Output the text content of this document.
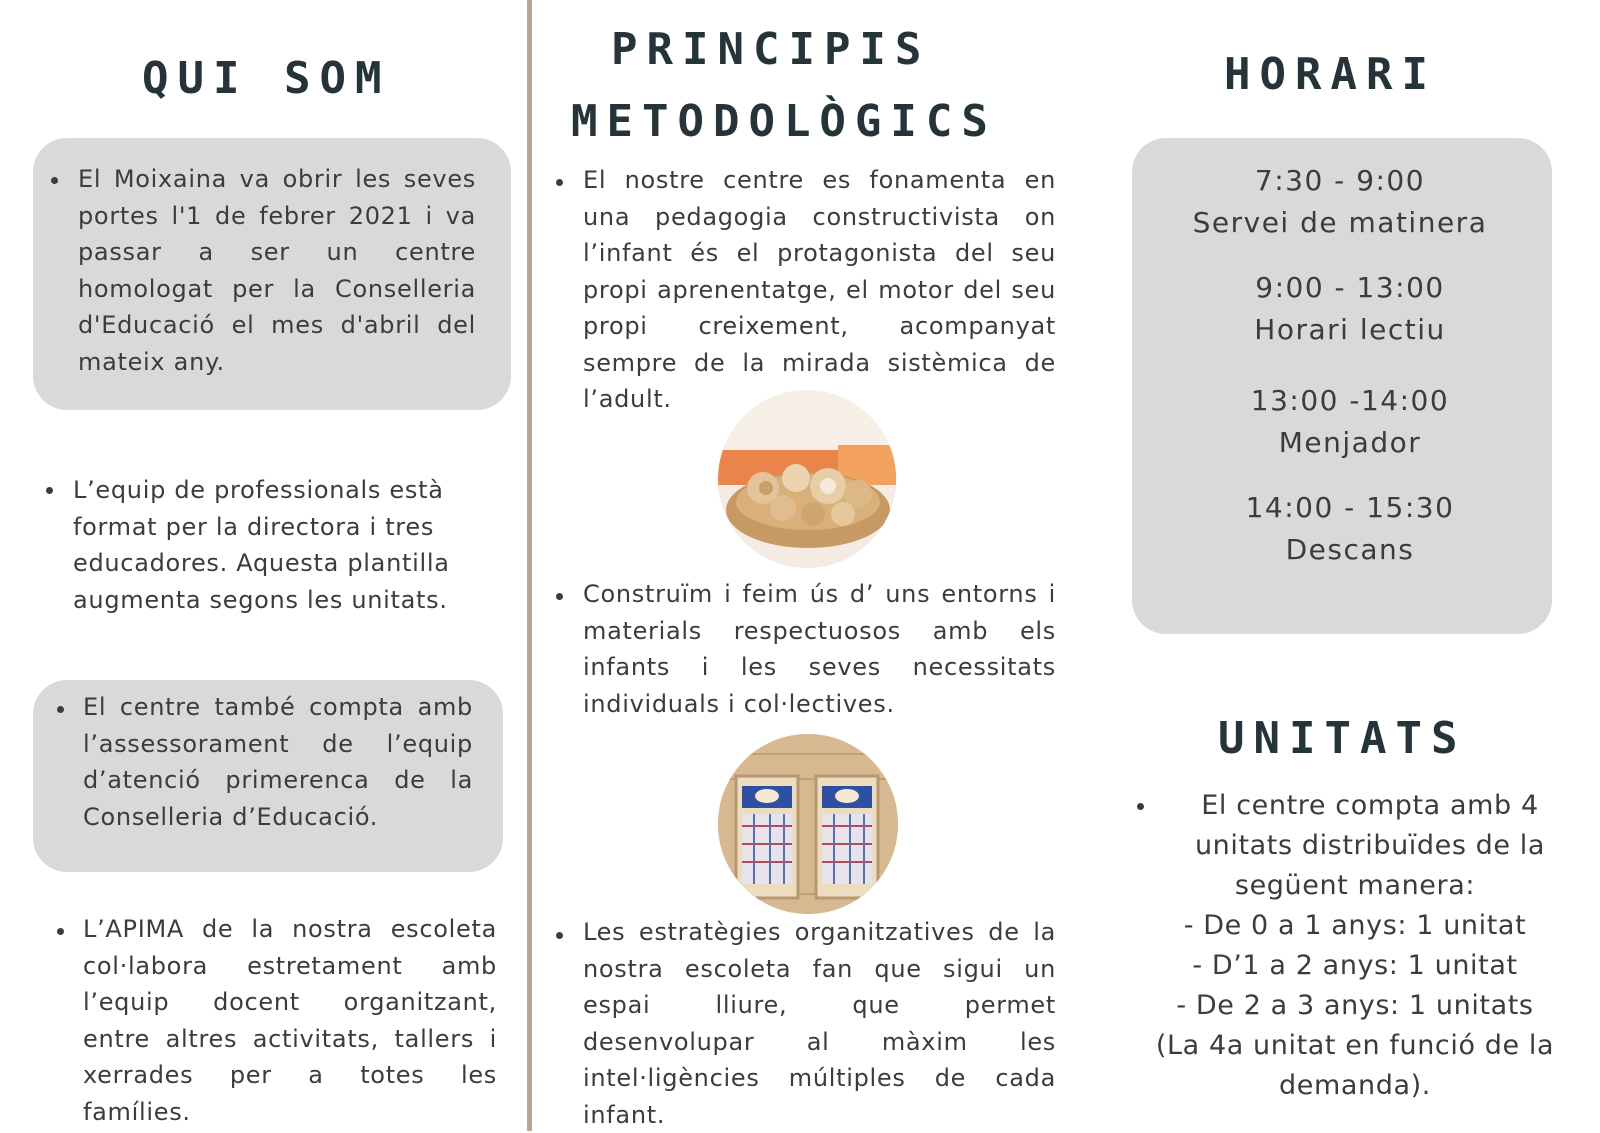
QUI SOM

El Moixaina va obrir les seves portes l'1 de febrer 2021 i va passar a ser un centre homologat per la Conselleria d'Educació el mes d'abril del mateix any.

L’equip de professionals està format per la directora i tres educadores. Aquesta plantilla augmenta segons les unitats.

El centre també compta amb l’assessorament de l’equip d’atenció primerenca de la Conselleria d’Educació.

L’APIMA de la nostra escoleta col·labora estretament amb l’equip docent organitzant, entre altres activitats, tallers i xerrades per a totes les famílies.

PRINCIPIS
METODOLÒGICS

El nostre centre es fonamenta en una pedagogia constructivista on l’infant és el protagonista del seu propi aprenentatge, el motor del seu propi creixement, acompanyat sempre de la mirada sistèmica de l’adult.

Construïm i feim ús d’ uns entorns i materials respectuosos amb els infants i les seves necessitats individuals i col·lectives.

Les estratègies organitzatives de la nostra escoleta fan que sigui un espai lliure, que permet desenvolupar al màxim les intel·ligències múltiples de cada infant.

HORARI
7:30 - 9:00
Servei de matinera
9:00 - 13:00
Horari lectiu
13:00 -14:00
Menjador
14:00 - 15:30
Descans
UNITATS
El centre compta amb 4
unitats distribuïdes de la
següent manera:
- De 0 a 1 anys: 1 unitat
- D’1 a 2 anys: 1 unitat
- De 2 a 3 anys: 1 unitats
(La 4a unitat en funció de la
demanda).
